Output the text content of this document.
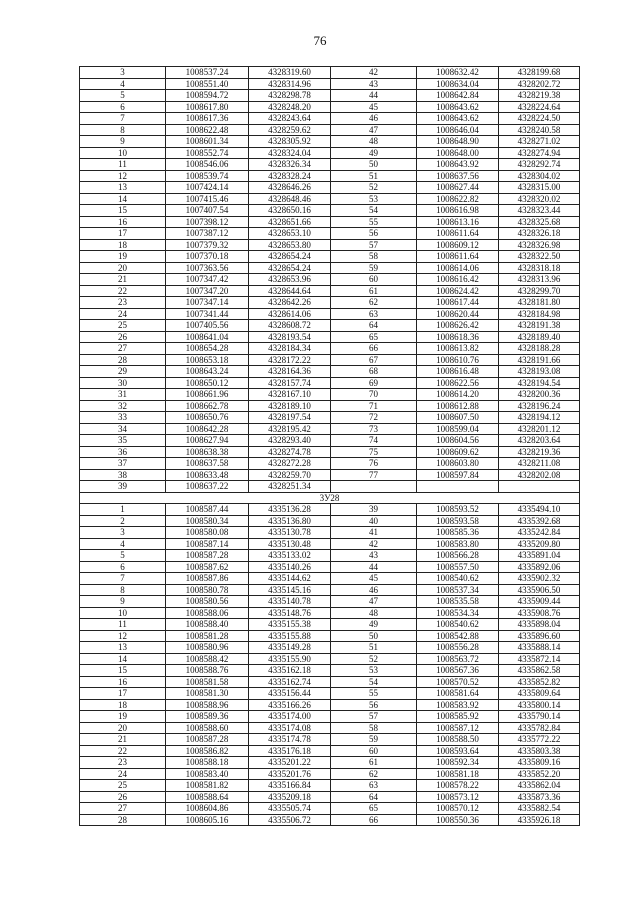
76
3	1008537.24	4328319.60	42	1008632.42	4328199.68
4	1008551.40	4328314.96	43	1008634.04	4328202.72
5	1008594.72	4328298.78	44	1008642.84	4328219.38
6	1008617.80	4328248.20	45	1008643.62	4328224.64
7	1008617.36	4328243.64	46	1008643.62	4328224.50
8	1008622.48	4328259.62	47	1008646.04	4328240.58
9	1008601.34	4328305.92	48	1008648.90	4328271.02
10	1008552.74	4328324.04	49	1008648.00	4328274.94
11	1008546.06	4328326.34	50	1008643.92	4328292.74
12	1008539.74	4328328.24	51	1008637.56	4328304.02
13	1007424.14	4328646.26	52	1008627.44	4328315.00
14	1007415.46	4328648.46	53	1008622.82	4328320.02
15	1007407.54	4328650.16	54	1008616.98	4328323.44
16	1007398.12	4328651.66	55	1008613.16	4328325.68
17	1007387.12	4328653.10	56	1008611.64	4328326.18
18	1007379.32	4328653.80	57	1008609.12	4328326.98
19	1007370.18	4328654.24	58	1008611.64	4328322.50
20	1007363.56	4328654.24	59	1008614.06	4328318.18
21	1007347.42	4328653.96	60	1008616.42	4328313.96
22	1007347.20	4328644.64	61	1008624.42	4328299.70
23	1007347.14	4328642.26	62	1008617.44	4328181.80
24	1007341.44	4328614.06	63	1008620.44	4328184.98
25	1007405.56	4328608.72	64	1008626.42	4328191.38
26	1008641.04	4328193.54	65	1008618.36	4328189.40
27	1008654.28	4328184.34	66	1008613.82	4328188.28
28	1008653.18	4328172.22	67	1008610.76	4328191.66
29	1008643.24	4328164.36	68	1008616.48	4328193.08
30	1008650.12	4328157.74	69	1008622.56	4328194.54
31	1008661.96	4328167.10	70	1008614.20	4328200.36
32	1008662.78	4328189.10	71	1008612.88	4328196.24
33	1008650.76	4328197.54	72	1008607.50	4328194.12
34	1008642.28	4328195.42	73	1008599.04	4328201.12
35	1008627.94	4328293.40	74	1008604.56	4328203.64
36	1008638.38	4328274.78	75	1008609.62	4328219.36
37	1008637.58	4328272.28	76	1008603.80	4328211.08
38	1008633.48	4328259.70	77	1008597.84	4328202.08
39	1008637.22	4328251.34			
3У28					
1	1008587.44	4335136.28	39	1008593.52	4335494.10
2	1008580.34	4335136.80	40	1008593.58	4335392.68
3	1008580.08	4335130.78	41	1008585.36	4335242.84
4	1008587.14	4335130.48	42	1008583.80	4335209.80
5	1008587.28	4335133.02	43	1008566.28	4335891.04
6	1008587.62	4335140.26	44	1008557.50	4335892.06
7	1008587.86	4335144.62	45	1008540.62	4335902.32
8	1008580.78	4335145.16	46	1008537.34	4335906.50
9	1008580.56	4335140.78	47	1008535.58	4335909.44
10	1008588.06	4335148.76	48	1008534.34	4335908.76
11	1008588.40	4335155.38	49	1008540.62	4335898.04
12	1008581.28	4335155.88	50	1008542.88	4335896.60
13	1008580.96	4335149.28	51	1008556.28	4335888.14
14	1008588.42	4335155.90	52	1008563.72	4335872.14
15	1008588.76	4335162.18	53	1008567.36	4335862.58
16	1008581.58	4335162.74	54	1008570.52	4335852.82
17	1008581.30	4335156.44	55	1008581.64	4335809.64
18	1008588.96	4335166.26	56	1008583.92	4335800.14
19	1008589.36	4335174.00	57	1008585.92	4335790.14
20	1008588.60	4335174.08	58	1008587.12	4335782.84
21	1008587.28	4335174.78	59	1008588.50	4335772.22
22	1008586.82	4335176.18	60	1008593.64	4335803.38
23	1008588.18	4335201.22	61	1008592.34	4335809.16
24	1008583.40	4335201.76	62	1008581.18	4335852.20
25	1008581.82	4335166.84	63	1008578.22	4335862.04
26	1008588.64	4335209.18	64	1008573.12	4335873.36
27	1008604.86	4335505.74	65	1008570.12	4335882.54
28	1008605.16	4335506.72	66	1008550.36	4335926.18
